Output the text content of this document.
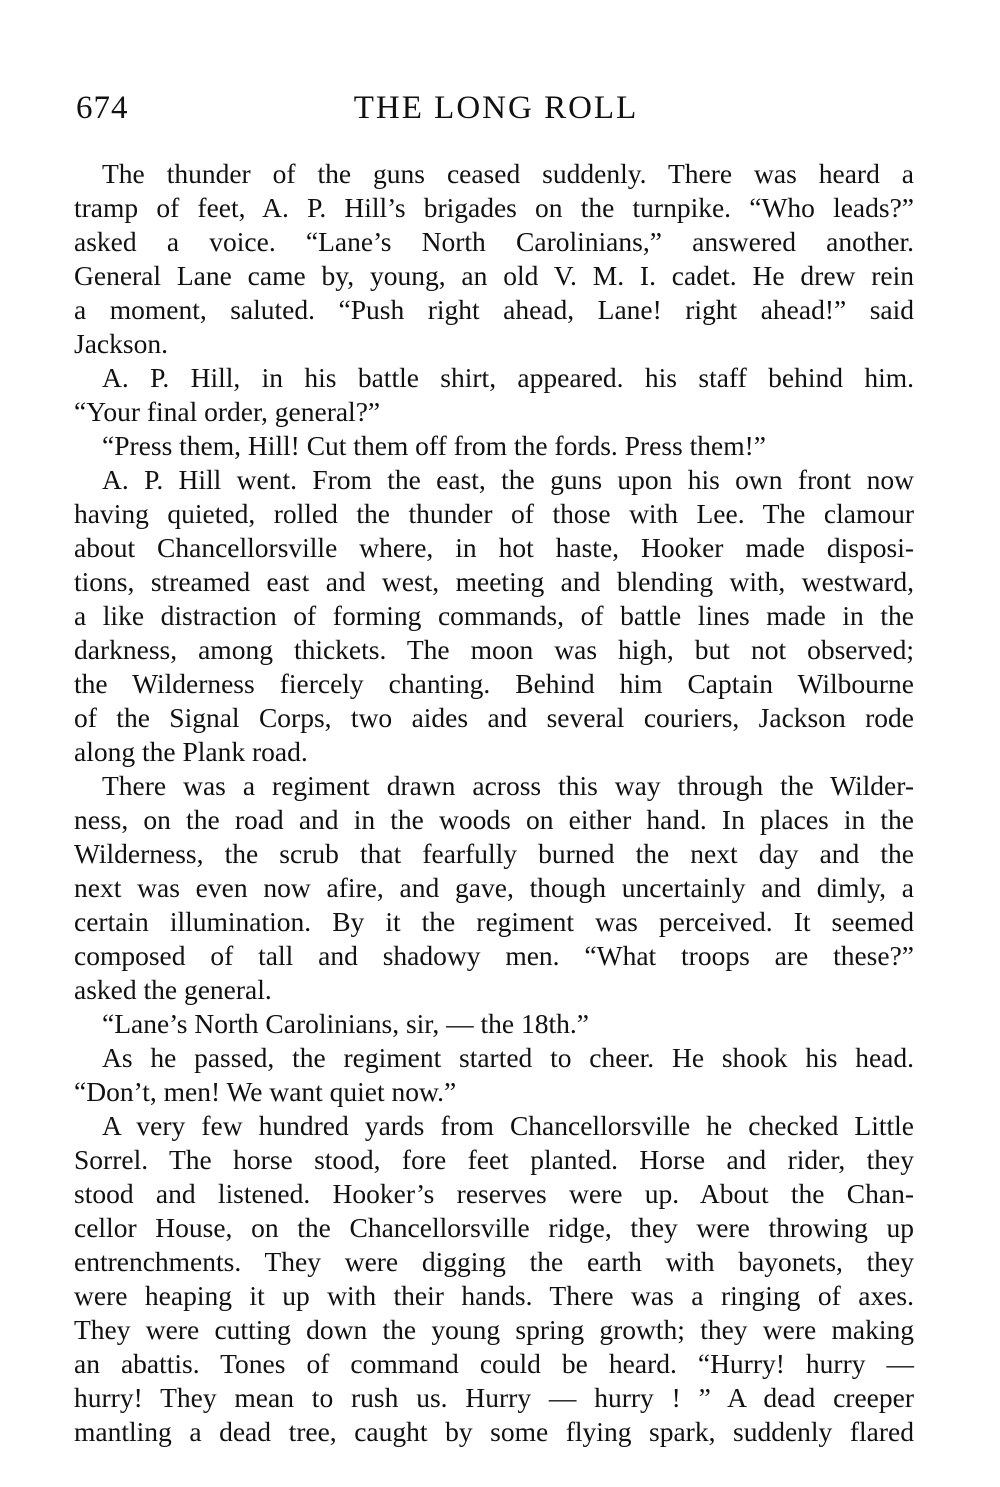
674	THE LONG ROLL
The thunder of the guns ceased suddenly. There was heard a
tramp of feet, A. P. Hill’s brigades on the turnpike. “Who leads?”
asked a voice. “Lane’s North Carolinians,” answered another.
General Lane came by, young, an old V. M. I. cadet. He drew rein
a moment, saluted. “Push right ahead, Lane! right ahead!” said
Jackson.
A. P. Hill, in his battle shirt, appeared. his staff behind him.
“Your final order, general?”
“Press them, Hill! Cut them off from the fords. Press them!”
A. P. Hill went. From the east, the guns upon his own front now
having quieted, rolled the thunder of those with Lee. The clamour
about Chancellorsville where, in hot haste, Hooker made disposi-
tions, streamed east and west, meeting and blending with, westward,
a like distraction of forming commands, of battle lines made in the
darkness, among thickets. The moon was high, but not observed;
the Wilderness fiercely chanting. Behind him Captain Wilbourne
of the Signal Corps, two aides and several couriers, Jackson rode
along the Plank road.
There was a regiment drawn across this way through the Wilder-
ness, on the road and in the woods on either hand. In places in the
Wilderness, the scrub that fearfully burned the next day and the
next was even now afire, and gave, though uncertainly and dimly, a
certain illumination. By it the regiment was perceived. It seemed
composed of tall and shadowy men. “What troops are these?”
asked the general.
“Lane’s North Carolinians, sir, — the 18th.”
As he passed, the regiment started to cheer. He shook his head.
“Don’t, men! We want quiet now.”
A very few hundred yards from Chancellorsville he checked Little
Sorrel. The horse stood, fore feet planted. Horse and rider, they
stood and listened. Hooker’s reserves were up. About the Chan-
cellor House, on the Chancellorsville ridge, they were throwing up
entrenchments. They were digging the earth with bayonets, they
were heaping it up with their hands. There was a ringing of axes.
They were cutting down the young spring growth; they were making
an abattis. Tones of command could be heard. “Hurry! hurry —
hurry! They mean to rush us. Hurry — hurry ! ” A dead creeper
mantling a dead tree, caught by some flying spark, suddenly flared
